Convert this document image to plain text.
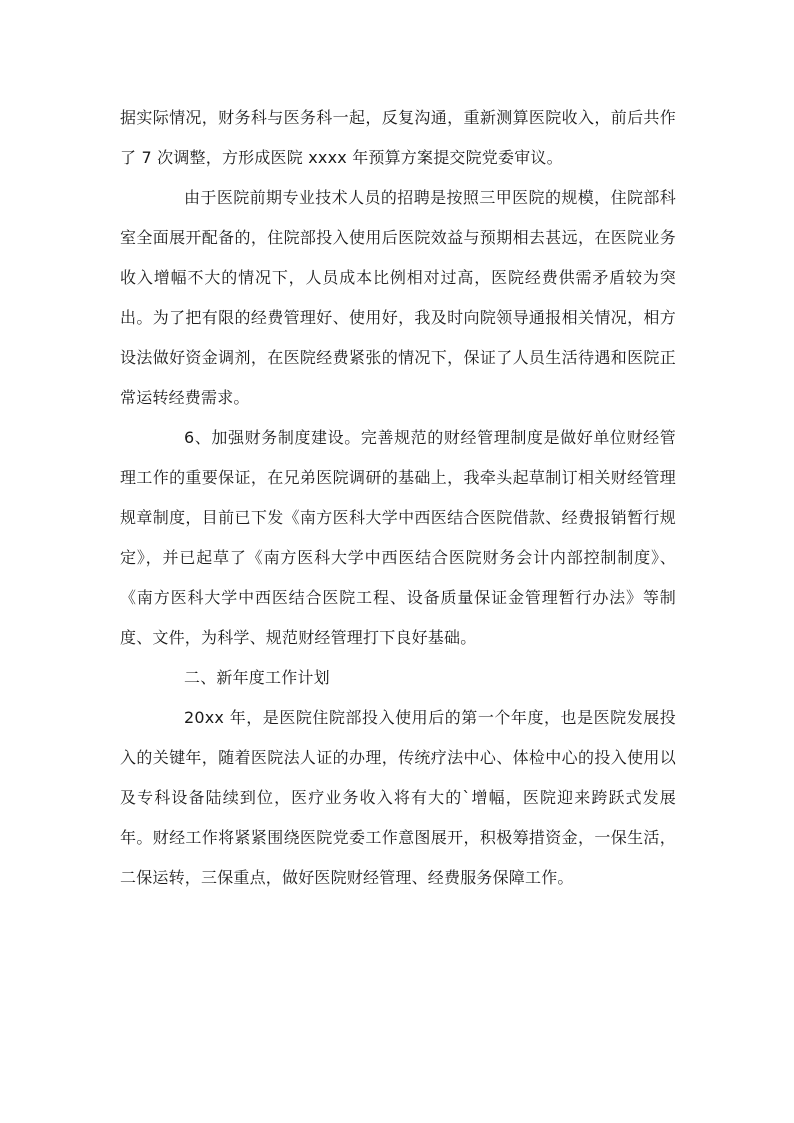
据实际情况，财务科与医务科一起，反复沟通，重新测算医院收入，前后共作了 7 次调整，方形成医院 xxxx 年预算方案提交院党委审议。

由于医院前期专业技术人员的招聘是按照三甲医院的规模，住院部科室全面展开配备的，住院部投入使用后医院效益与预期相去甚远，在医院业务收入增幅不大的情况下，人员成本比例相对过高，医院经费供需矛盾较为突出。为了把有限的经费管理好、使用好，我及时向院领导通报相关情况，相方设法做好资金调剂，在医院经费紧张的情况下，保证了人员生活待遇和医院正常运转经费需求。

6、加强财务制度建设。完善规范的财经管理制度是做好单位财经管理工作的重要保证，在兄弟医院调研的基础上，我牵头起草制订相关财经管理规章制度，目前已下发《南方医科大学中西医结合医院借款、经费报销暂行规定》，并已起草了《南方医科大学中西医结合医院财务会计内部控制制度》、《南方医科大学中西医结合医院工程、设备质量保证金管理暂行办法》等制度、文件，为科学、规范财经管理打下良好基础。

二、新年度工作计划

20xx 年，是医院住院部投入使用后的第一个年度，也是医院发展投入的关键年，随着医院法人证的办理，传统疗法中心、体检中心的投入使用以及专科设备陆续到位，医疗业务收入将有大的`增幅，医院迎来跨跃式发展年。财经工作将紧紧围绕医院党委工作意图展开，积极筹措资金，一保生活，二保运转，三保重点，做好医院财经管理、经费服务保障工作。
